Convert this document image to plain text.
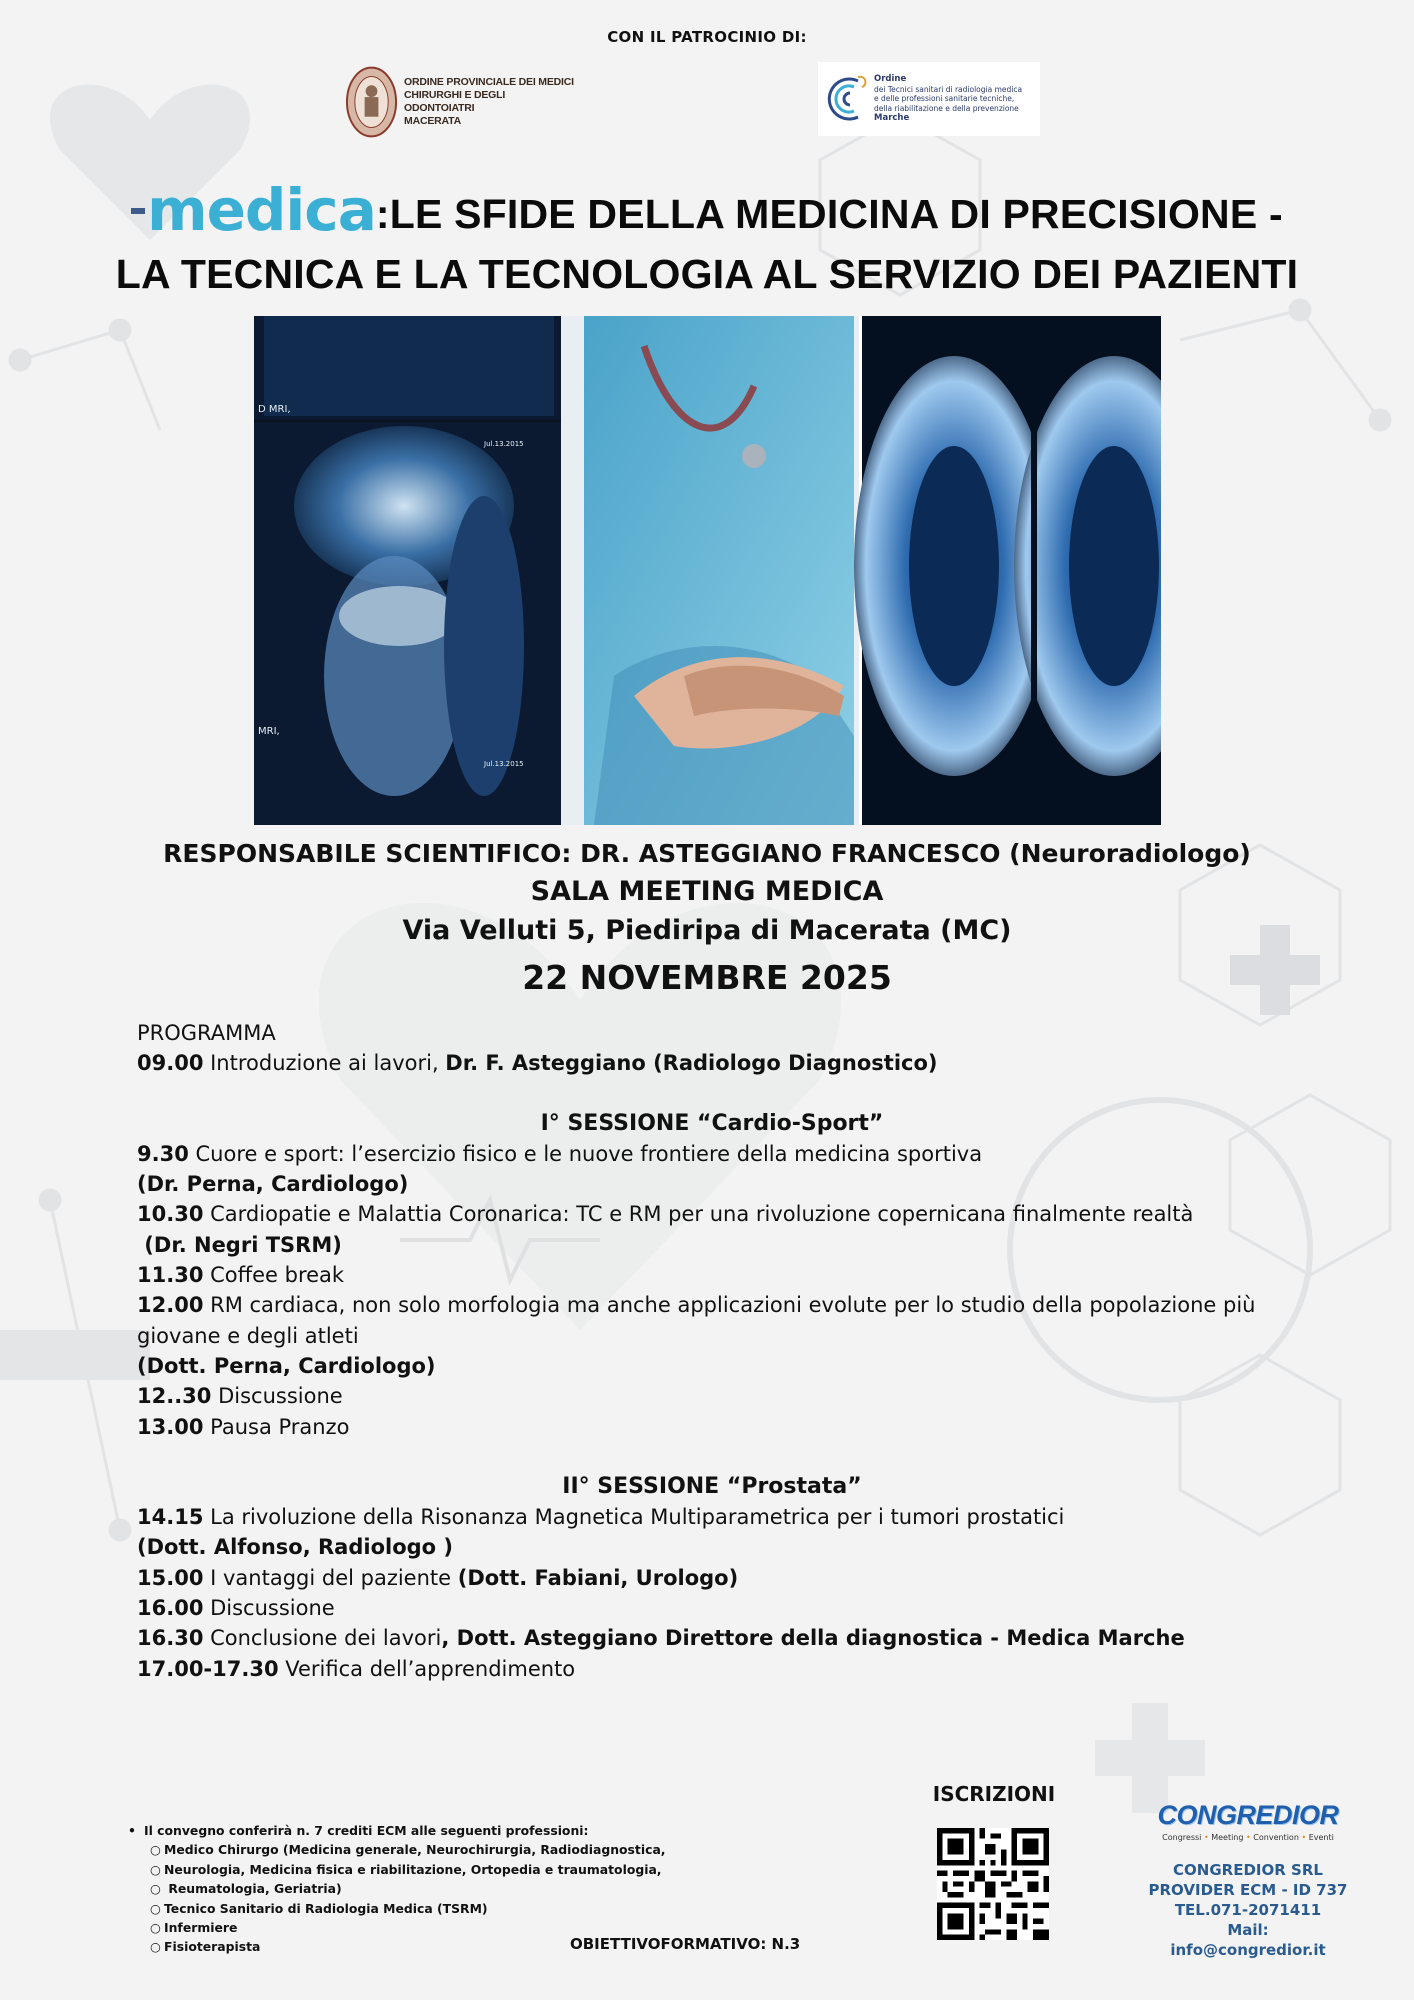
CON IL PATROCINIO DI:
ORDINE PROVINCIALE DEI MEDICI
CHIRURGHI E DEGLI ODONTOIATRI
MACERATA
Ordine
dei Tecnici sanitari di radiologia medica
e delle professioni sanitarie tecniche,
della riabilitazione e della prevenzione
Marche
medica:LE SFIDE DELLA MEDICINA DI PRECISIONE -
LA TECNICA E LA TECNOLOGIA AL SERVIZIO DEI PAZIENTI
D MRI,
MRI,
Jul.13.2015
Jul.13.2015
RESPONSABILE SCIENTIFICO: DR. ASTEGGIANO FRANCESCO (Neuroradiologo)
SALA MEETING MEDICA
Via Velluti 5, Piediripa di Macerata (MC)
22 NOVEMBRE 2025
PROGRAMMA
09.00 Introduzione ai lavori, Dr. F. Asteggiano (Radiologo Diagnostico)
I° SESSIONE “Cardio-Sport”
9.30 Cuore e sport: l’esercizio fisico e le nuove frontiere della medicina sportiva
(Dr. Perna, Cardiologo)
10.30 Cardiopatie e Malattia Coronarica: TC e RM per una rivoluzione copernicana finalmente realtà
(Dr. Negri TSRM)
11.30 Coffee break
12.00 RM cardiaca, non solo morfologia ma anche applicazioni evolute per lo studio della popolazione più giovane e degli atleti
(Dott. Perna, Cardiologo)
12..30 Discussione
13.00 Pausa Pranzo
II° SESSIONE “Prostata”
14.15 La rivoluzione della Risonanza Magnetica Multiparametrica per i tumori prostatici
(Dott. Alfonso, Radiologo )
15.00 I vantaggi del paziente (Dott. Fabiani, Urologo)
16.00 Discussione
16.30 Conclusione dei lavori, Dott. Asteggiano Direttore della diagnostica - Medica Marche
17.00-17.30 Verifica dell’apprendimento
• Il convegno conferirà n. 7 crediti ECM alle seguenti professioni:
○ Medico Chirurgo (Medicina generale, Neurochirurgia, Radiodiagnostica,
○ Neurologia, Medicina fisica e riabilitazione, Ortopedia e traumatologia,
○ Reumatologia, Geriatria)
○ Tecnico Sanitario di Radiologia Medica (TSRM)
○ Infermiere
○ Fisioterapista	OBIETTIVOFORMATIVO: N.3
ISCRIZIONI
CONGREDIOR
Congressi • Meeting • Convention • Eventi
CONGREDIOR SRL
PROVIDER ECM - ID 737
TEL.071-2071411
Mail: info@congredior.it
